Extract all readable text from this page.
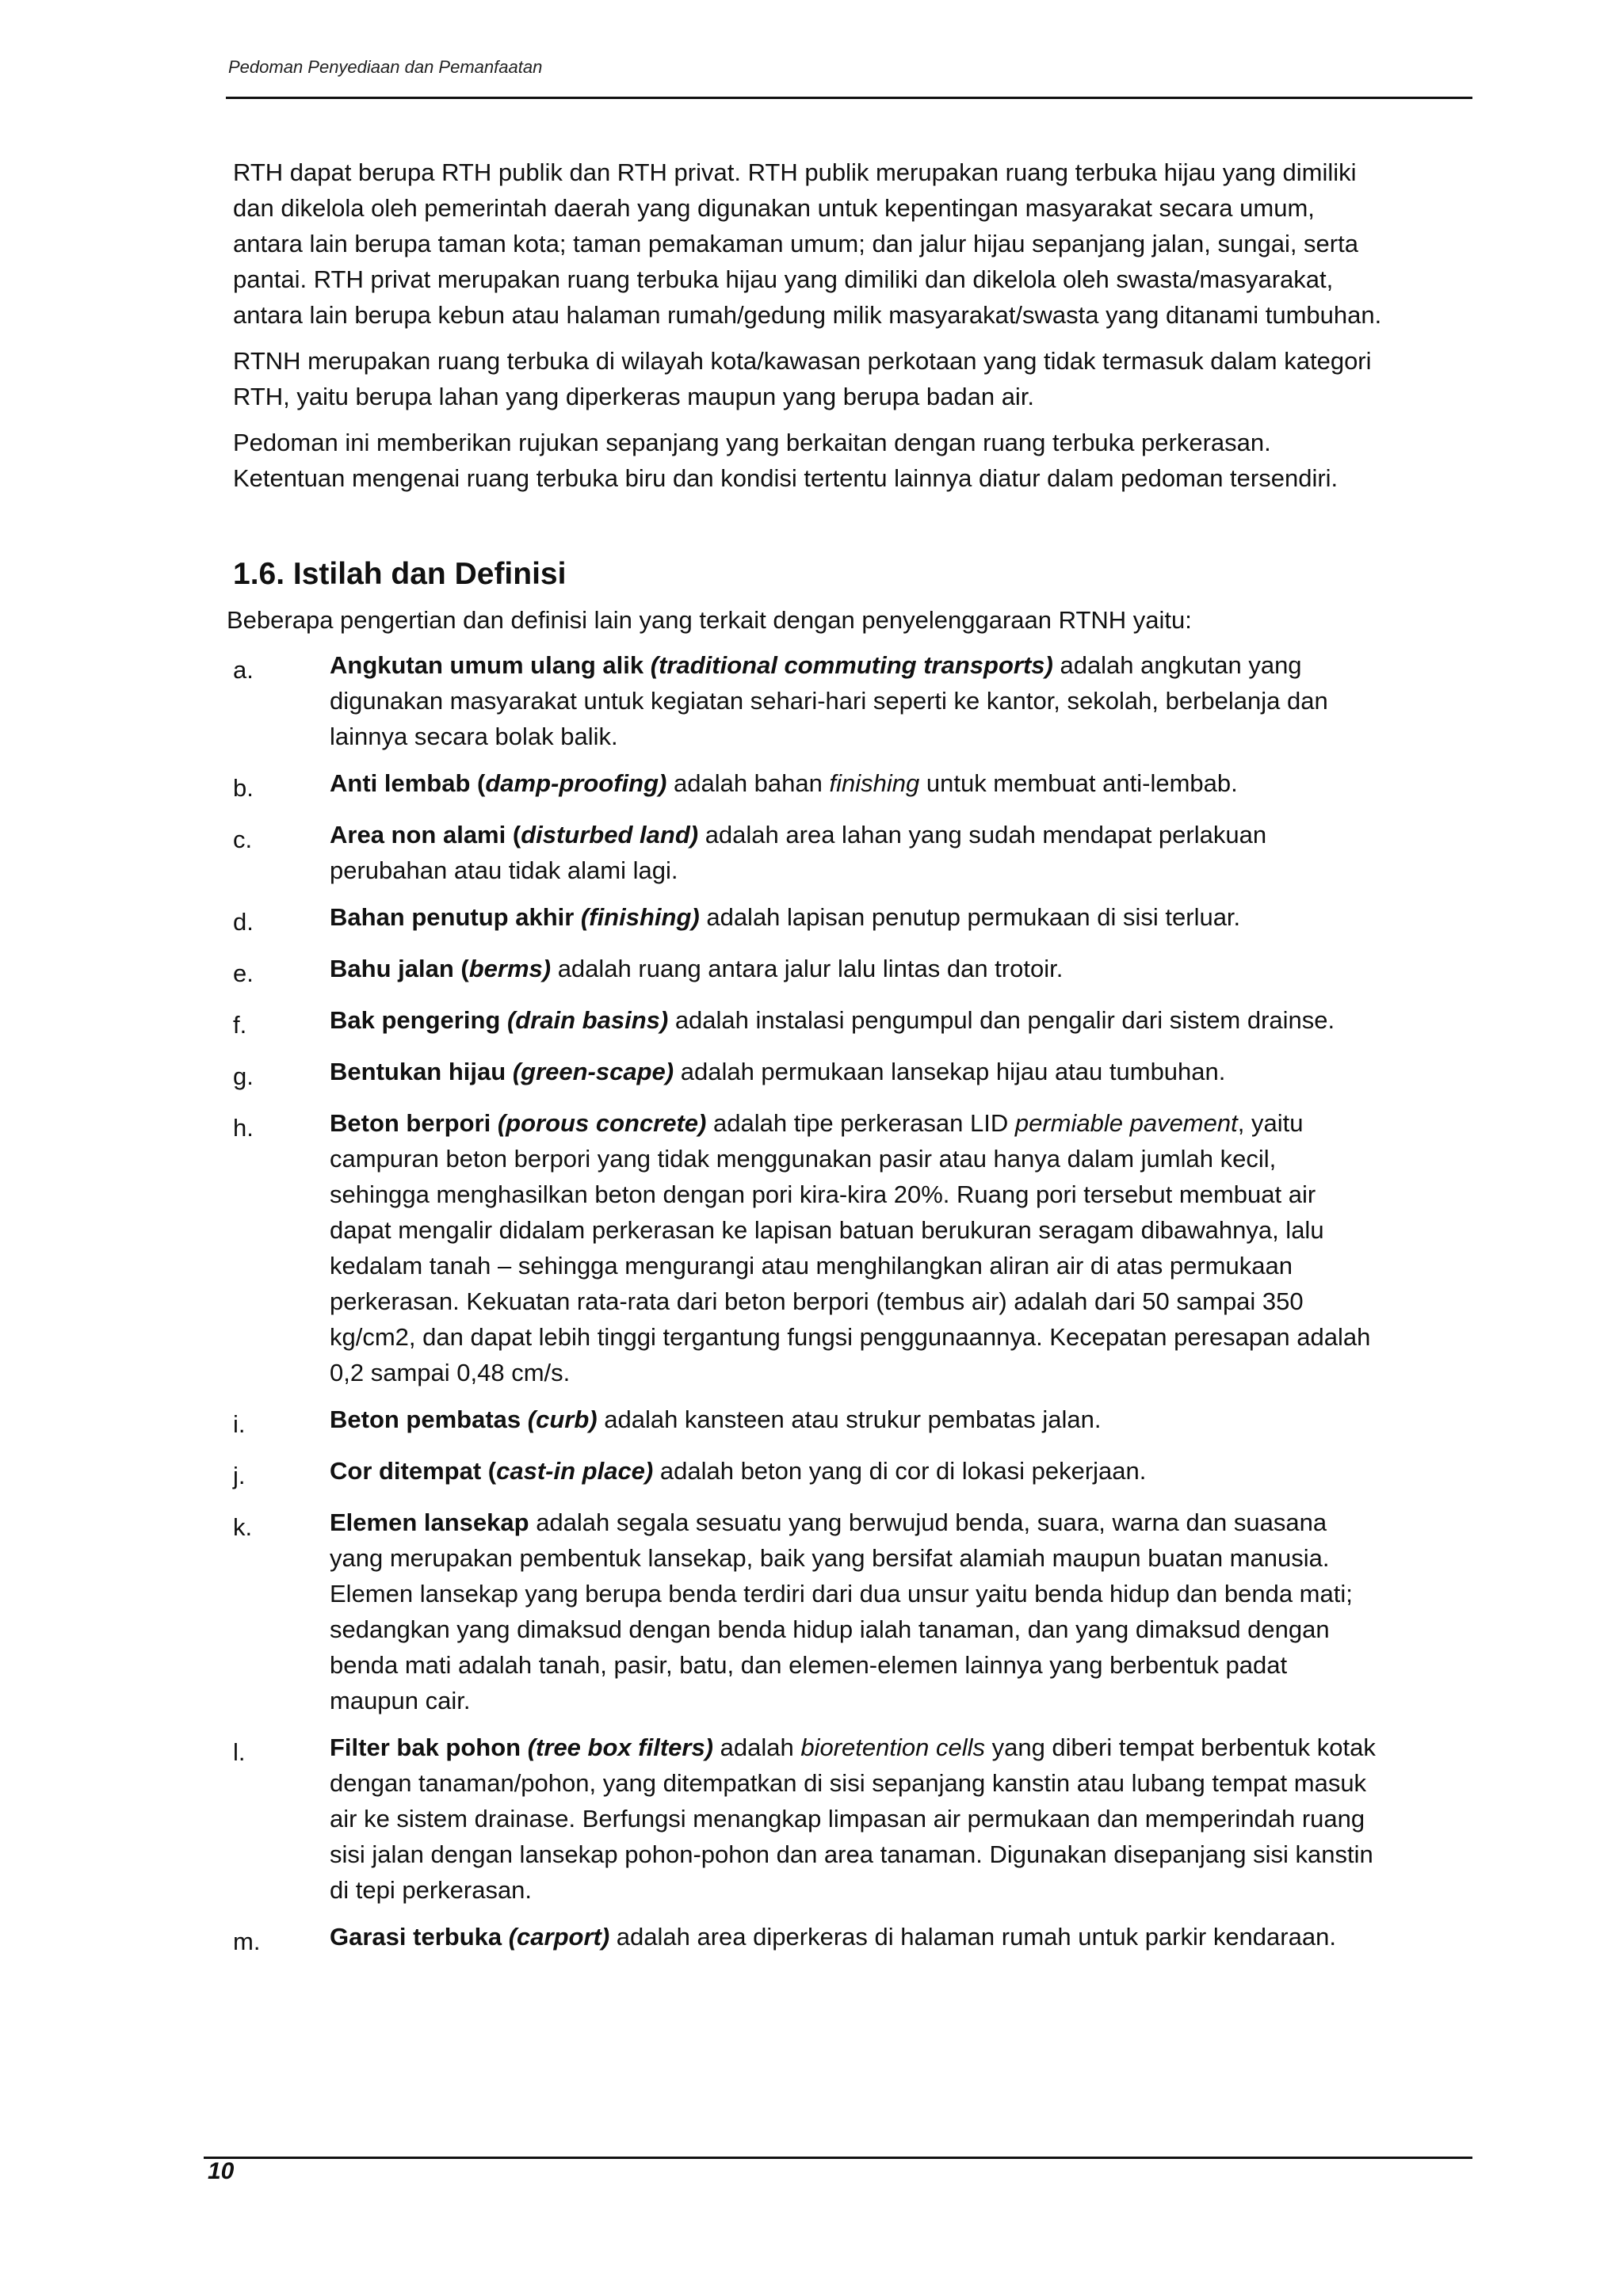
Pedoman Penyediaan dan Pemanfaatan

RTH dapat berupa RTH publik dan RTH privat. RTH publik merupakan ruang terbuka hijau yang dimiliki dan dikelola oleh pemerintah daerah yang digunakan untuk kepentingan masyarakat secara umum, antara lain berupa taman kota; taman pemakaman umum; dan jalur hijau sepanjang jalan, sungai, serta pantai. RTH privat merupakan ruang terbuka hijau yang dimiliki dan dikelola oleh swasta/masyarakat, antara lain berupa kebun atau halaman rumah/gedung milik masyarakat/swasta yang ditanami tumbuhan.

RTNH merupakan ruang terbuka di wilayah kota/kawasan perkotaan yang tidak termasuk dalam kategori RTH, yaitu berupa lahan yang diperkeras maupun yang berupa badan air.

Pedoman ini memberikan rujukan sepanjang yang berkaitan dengan ruang terbuka perkerasan. Ketentuan mengenai ruang terbuka biru dan kondisi tertentu lainnya diatur dalam pedoman tersendiri.

1.6. Istilah dan Definisi

Beberapa pengertian dan definisi lain yang terkait dengan penyelenggaraan RTNH yaitu:

a.	Angkutan umum ulang alik (traditional commuting transports) adalah angkutan yang digunakan masyarakat untuk kegiatan sehari-hari seperti ke kantor, sekolah, berbelanja dan lainnya secara bolak balik.
b.	Anti lembab (damp-proofing) adalah bahan finishing untuk membuat anti-lembab.
c.	Area non alami (disturbed land) adalah area lahan yang sudah mendapat perlakuan perubahan atau tidak alami lagi.
d.	Bahan penutup akhir (finishing) adalah lapisan penutup permukaan di sisi terluar.
e.	Bahu jalan (berms) adalah ruang antara jalur lalu lintas dan trotoir.
f.	Bak pengering (drain basins) adalah instalasi pengumpul dan pengalir dari sistem drainse.
g.	Bentukan hijau (green-scape) adalah permukaan lansekap hijau atau tumbuhan.
h.	Beton berpori (porous concrete) adalah tipe perkerasan LID permiable pavement, yaitu campuran beton berpori yang tidak menggunakan pasir atau hanya dalam jumlah kecil, sehingga menghasilkan beton dengan pori kira-kira 20%. Ruang pori tersebut membuat air dapat mengalir didalam perkerasan ke lapisan batuan berukuran seragam dibawahnya, lalu kedalam tanah – sehingga mengurangi atau menghilangkan aliran air di atas permukaan perkerasan. Kekuatan rata-rata dari beton berpori (tembus air) adalah dari 50 sampai 350 kg/cm2, dan dapat lebih tinggi tergantung fungsi penggunaannya. Kecepatan peresapan adalah 0,2 sampai 0,48 cm/s.
i.	Beton pembatas (curb) adalah kansteen atau strukur pembatas jalan.
j.	Cor ditempat (cast-in place) adalah beton yang di cor di lokasi pekerjaan.
k.	Elemen lansekap adalah segala sesuatu yang berwujud benda, suara, warna dan suasana yang merupakan pembentuk lansekap, baik yang bersifat alamiah maupun buatan manusia. Elemen lansekap yang berupa benda terdiri dari dua unsur yaitu benda hidup dan benda mati; sedangkan yang dimaksud dengan benda hidup ialah tanaman, dan yang dimaksud dengan benda mati adalah tanah, pasir, batu, dan elemen-elemen lainnya yang berbentuk padat maupun cair.
l.	Filter bak pohon (tree box filters) adalah bioretention cells yang diberi tempat berbentuk kotak dengan tanaman/pohon, yang ditempatkan di sisi sepanjang kanstin atau lubang tempat masuk air ke sistem drainase. Berfungsi menangkap limpasan air permukaan dan memperindah ruang sisi jalan dengan lansekap pohon-pohon dan area tanaman. Digunakan disepanjang sisi kanstin di tepi perkerasan.
m.	Garasi terbuka (carport) adalah area diperkeras di halaman rumah untuk parkir kendaraan.
10
